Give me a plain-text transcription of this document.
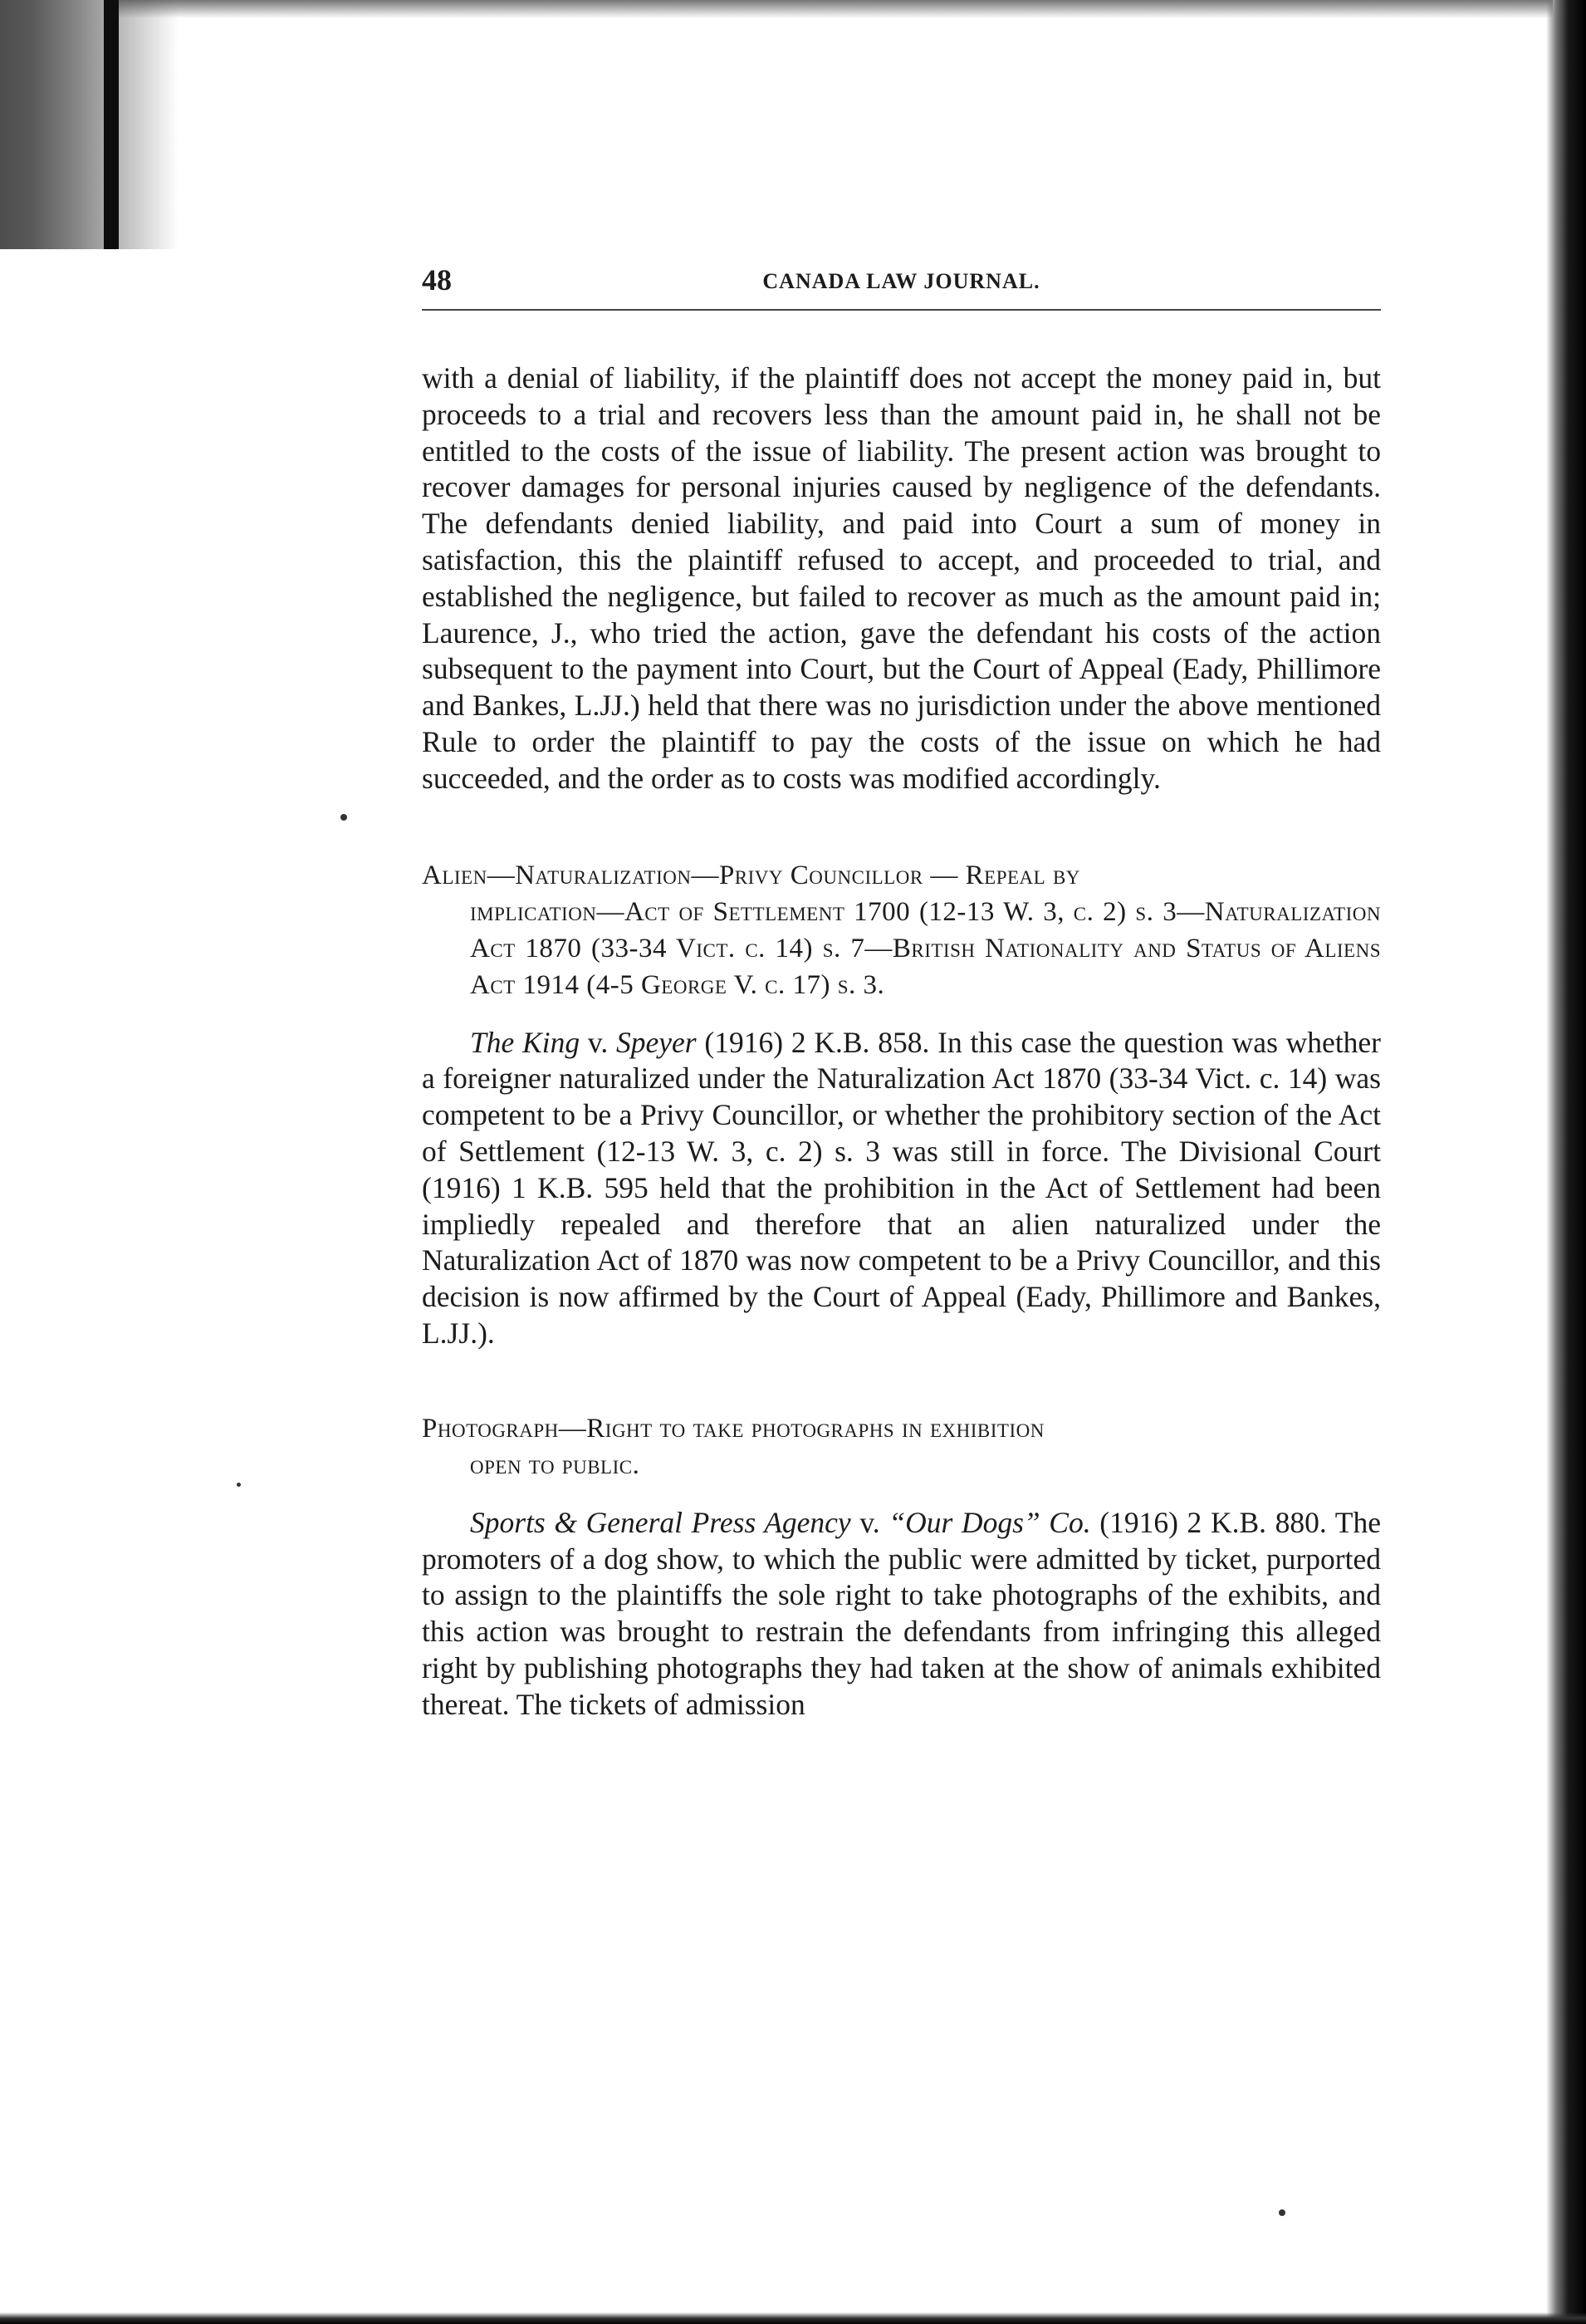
48	CANADA LAW JOURNAL.

with a denial of liability, if the plaintiff does not accept the money paid in, but proceeds to a trial and recovers less than the amount paid in, he shall not be entitled to the costs of the issue of liability. The present action was brought to recover damages for personal injuries caused by negligence of the defendants. The defendants denied liability, and paid into Court a sum of money in satisfaction, this the plaintiff refused to accept, and proceeded to trial, and established the negligence, but failed to recover as much as the amount paid in; Laurence, J., who tried the action, gave the defendant his costs of the action subsequent to the payment into Court, but the Court of Appeal (Eady, Phillimore and Bankes, L.JJ.) held that there was no jurisdiction under the above mentioned Rule to order the plaintiff to pay the costs of the issue on which he had succeeded, and the order as to costs was modified accordingly.

Alien—Naturalization—Privy Councillor — Repeal by
implication—Act of Settlement 1700 (12-13 W. 3, c. 2) s. 3—Naturalization Act 1870 (33-34 Vict. c. 14) s. 7—British Nationality and Status of Aliens Act 1914 (4-5 George V. c. 17) s. 3.

The King v. Speyer (1916) 2 K.B. 858. In this case the question was whether a foreigner naturalized under the Naturalization Act 1870 (33-34 Vict. c. 14) was competent to be a Privy Councillor, or whether the prohibitory section of the Act of Settlement (12-13 W. 3, c. 2) s. 3 was still in force. The Divisional Court (1916) 1 K.B. 595 held that the prohibition in the Act of Settlement had been impliedly repealed and therefore that an alien naturalized under the Naturalization Act of 1870 was now competent to be a Privy Councillor, and this decision is now affirmed by the Court of Appeal (Eady, Phillimore and Bankes, L.JJ.).

Photograph—Right to take photographs in exhibition
open to public.

Sports & General Press Agency v. “Our Dogs” Co. (1916) 2 K.B. 880. The promoters of a dog show, to which the public were admitted by ticket, purported to assign to the plaintiffs the sole right to take photographs of the exhibits, and this action was brought to restrain the defendants from infringing this alleged right by publishing photographs they had taken at the show of animals exhibited thereat. The tickets of admission
